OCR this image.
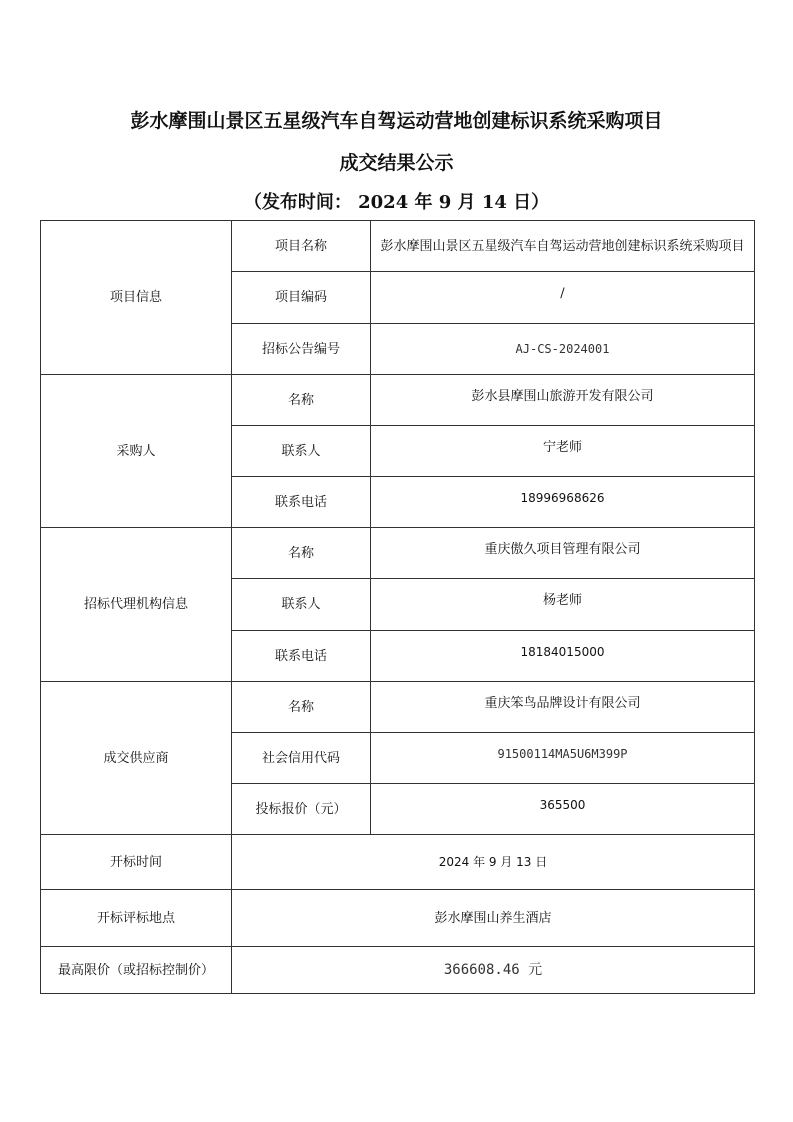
彭水摩围山景区五星级汽车自驾运动营地创建标识系统采购项目
成交结果公示
（发布时间： 2024 年 9 月 14 日）
项目信息	项目名称	彭水摩围山景区五星级汽车自驾运动营地创建标识系统采购项目
	项目编码	/
	招标公告编号	AJ-CS-2024001
采购人	名称	彭水县摩围山旅游开发有限公司
	联系人	宁老师
	联系电话	18996968626
招标代理机构信息	名称	重庆傲久项目管理有限公司
	联系人	杨老师
	联系电话	18184015000
成交供应商	名称	重庆笨鸟品牌设计有限公司
	社会信用代码	91500114MA5U6M399P
	投标报价（元）	365500
开标时间	2024 年 9 月 13 日	
开标评标地点	彭水摩围山养生酒店	
最高限价（或招标控制价）	366608.46 元	
